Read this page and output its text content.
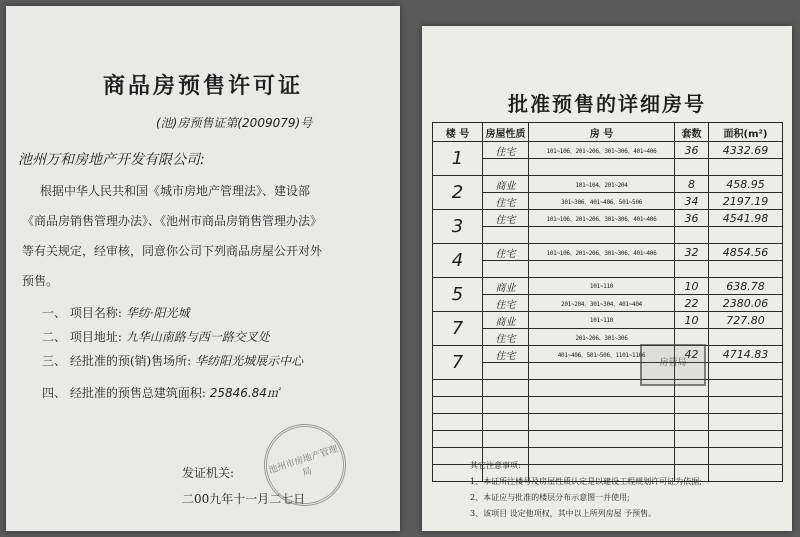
商品房预售许可证
(池)房预售证第(2009079)号
池州万和房地产开发有限公司:
根据中华人民共和国《城市房地产管理法》、建设部
《商品房销售管理办法》、《池州市商品房销售管理办法》
等有关规定，经审核，同意你公司下列商品房屋公开对外
预售。
一、 项目名称: 华纺·阳光城
二、 项目地址: 九华山南路与西一路交叉处
三、 经批准的预(销)售场所: 华纺阳光城展示中心
四、 经批准的预售总建筑面积: 25846.84㎡
发证机关:
二00九年十一月二七日
池州市房地产管理局
批准预售的详细房号
楼 号	房屋性质	房 号	套数	面积(m²)
1	住宅	101~106、201~206、301~306、401~406	36	4332.69

2	商业	101~104、201~204	8	458.95
	住宅	301~306、401~406、501~506	34	2197.19
3	住宅	101~106、201~206、301~306、401~406	36	4541.98

4	住宅	101~106、201~206、301~306、401~406	32	4854.56

5	商业	101~110	10	638.78
	住宅	201~204、301~304、401~404	22	2380.06
7	商业	101~110	10	727.80
	住宅	201~206、301~306		
7	住宅	401~406、501~506、1101~1106	42	4714.83

房管局
其它注意事项:
1、本证所注楼号及房屋性质认定是以建设工程规划许可证为依据;
2、本证应与批准的楼层分布示意图一并使用;
3、该项目 设定他项权，其中以上所列房屋 予预售。
